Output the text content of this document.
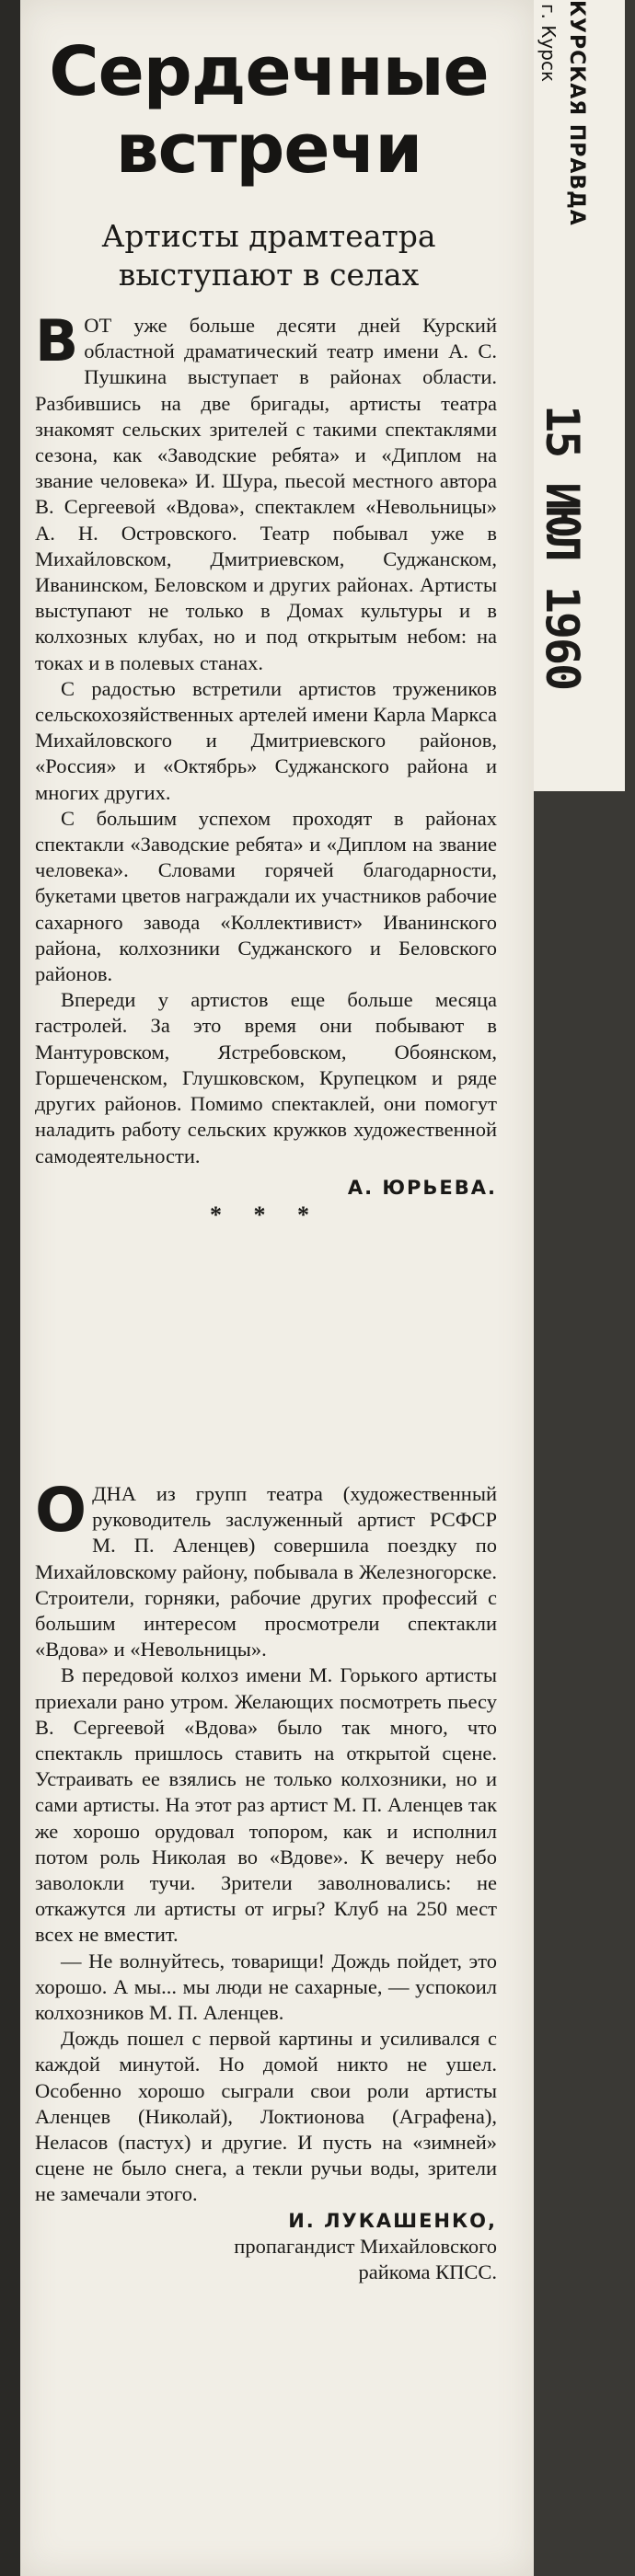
КУРСКАЯ ПРАВДА
г. Курск
15 ИЮЛ 1960
Сердечные
встречи
Артисты драмтеатра
выступают в селах

ВОТ уже больше десяти дней Курский областной драматический театр имени А. С. Пушкина выступает в районах области. Разбившись на две бригады, артисты театра знакомят сельских зрителей с такими спектаклями сезона, как «Заводские ребята» и «Диплом на звание человека» И. Шура, пьесой местного автора В. Сергеевой «Вдова», спектаклем «Невольницы» А. Н. Островского. Театр побывал уже в Михайловском, Дмитриевском, Суджанском, Иванинском, Беловском и других районах. Артисты выступают не только в Домах культуры и в колхозных клубах, но и под открытым небом: на токах и в полевых станах.

С радостью встретили артистов тружеников сельскохозяйственных артелей имени Карла Маркса Михайловского и Дмитриевского районов, «Россия» и «Октябрь» Суджанского района и многих других.

С большим успехом проходят в районах спектакли «Заводские ребята» и «Диплом на звание человека». Словами горячей благодарности, букетами цветов награждали их участников рабочие сахарного завода «Коллективист» Иванинского района, колхозники Суджанского и Беловского районов.

Впереди у артистов еще больше месяца гастролей. За это время они побывают в Мантуровском, Ястребовском, Обоянском, Горшеченском, Глушковском, Крупецком и ряде других районов. Помимо спектаклей, они помогут наладить работу сельских кружков художественной самодеятельности.

А. ЮРЬЕВА.

* * *

ОДНА из групп театра (художественный руководитель заслуженный артист РСФСР М. П. Аленцев) совершила поездку по Михайловскому району, побывала в Железногорске. Строители, горняки, рабочие других профессий с большим интересом просмотрели спектакли «Вдова» и «Невольницы».

В передовой колхоз имени М. Горького артисты приехали рано утром. Желающих посмотреть пьесу В. Сергеевой «Вдова» было так много, что спектакль пришлось ставить на открытой сцене. Устраивать ее взялись не только колхозники, но и сами артисты. На этот раз артист М. П. Аленцев так же хорошо орудовал топором, как и исполнил потом роль Николая во «Вдове». К вечеру небо заволокли тучи. Зрители заволновались: не откажутся ли артисты от игры? Клуб на 250 мест всех не вместит.

— Не волнуйтесь, товарищи! Дождь пойдет, это хорошо. А мы... мы люди не сахарные, — успокоил колхозников М. П. Аленцев.

Дождь пошел с первой картины и усиливался с каждой минутой. Но домой никто не ушел. Особенно хорошо сыграли свои роли артисты Аленцев (Николай), Локтионова (Аграфена), Неласов (пастух) и другие. И пусть на «зимней» сцене не было снега, а текли ручьи воды, зрители не замечали этого.

И. ЛУКАШЕНКО,

пропагандист Михайловского

райкома КПСС.
